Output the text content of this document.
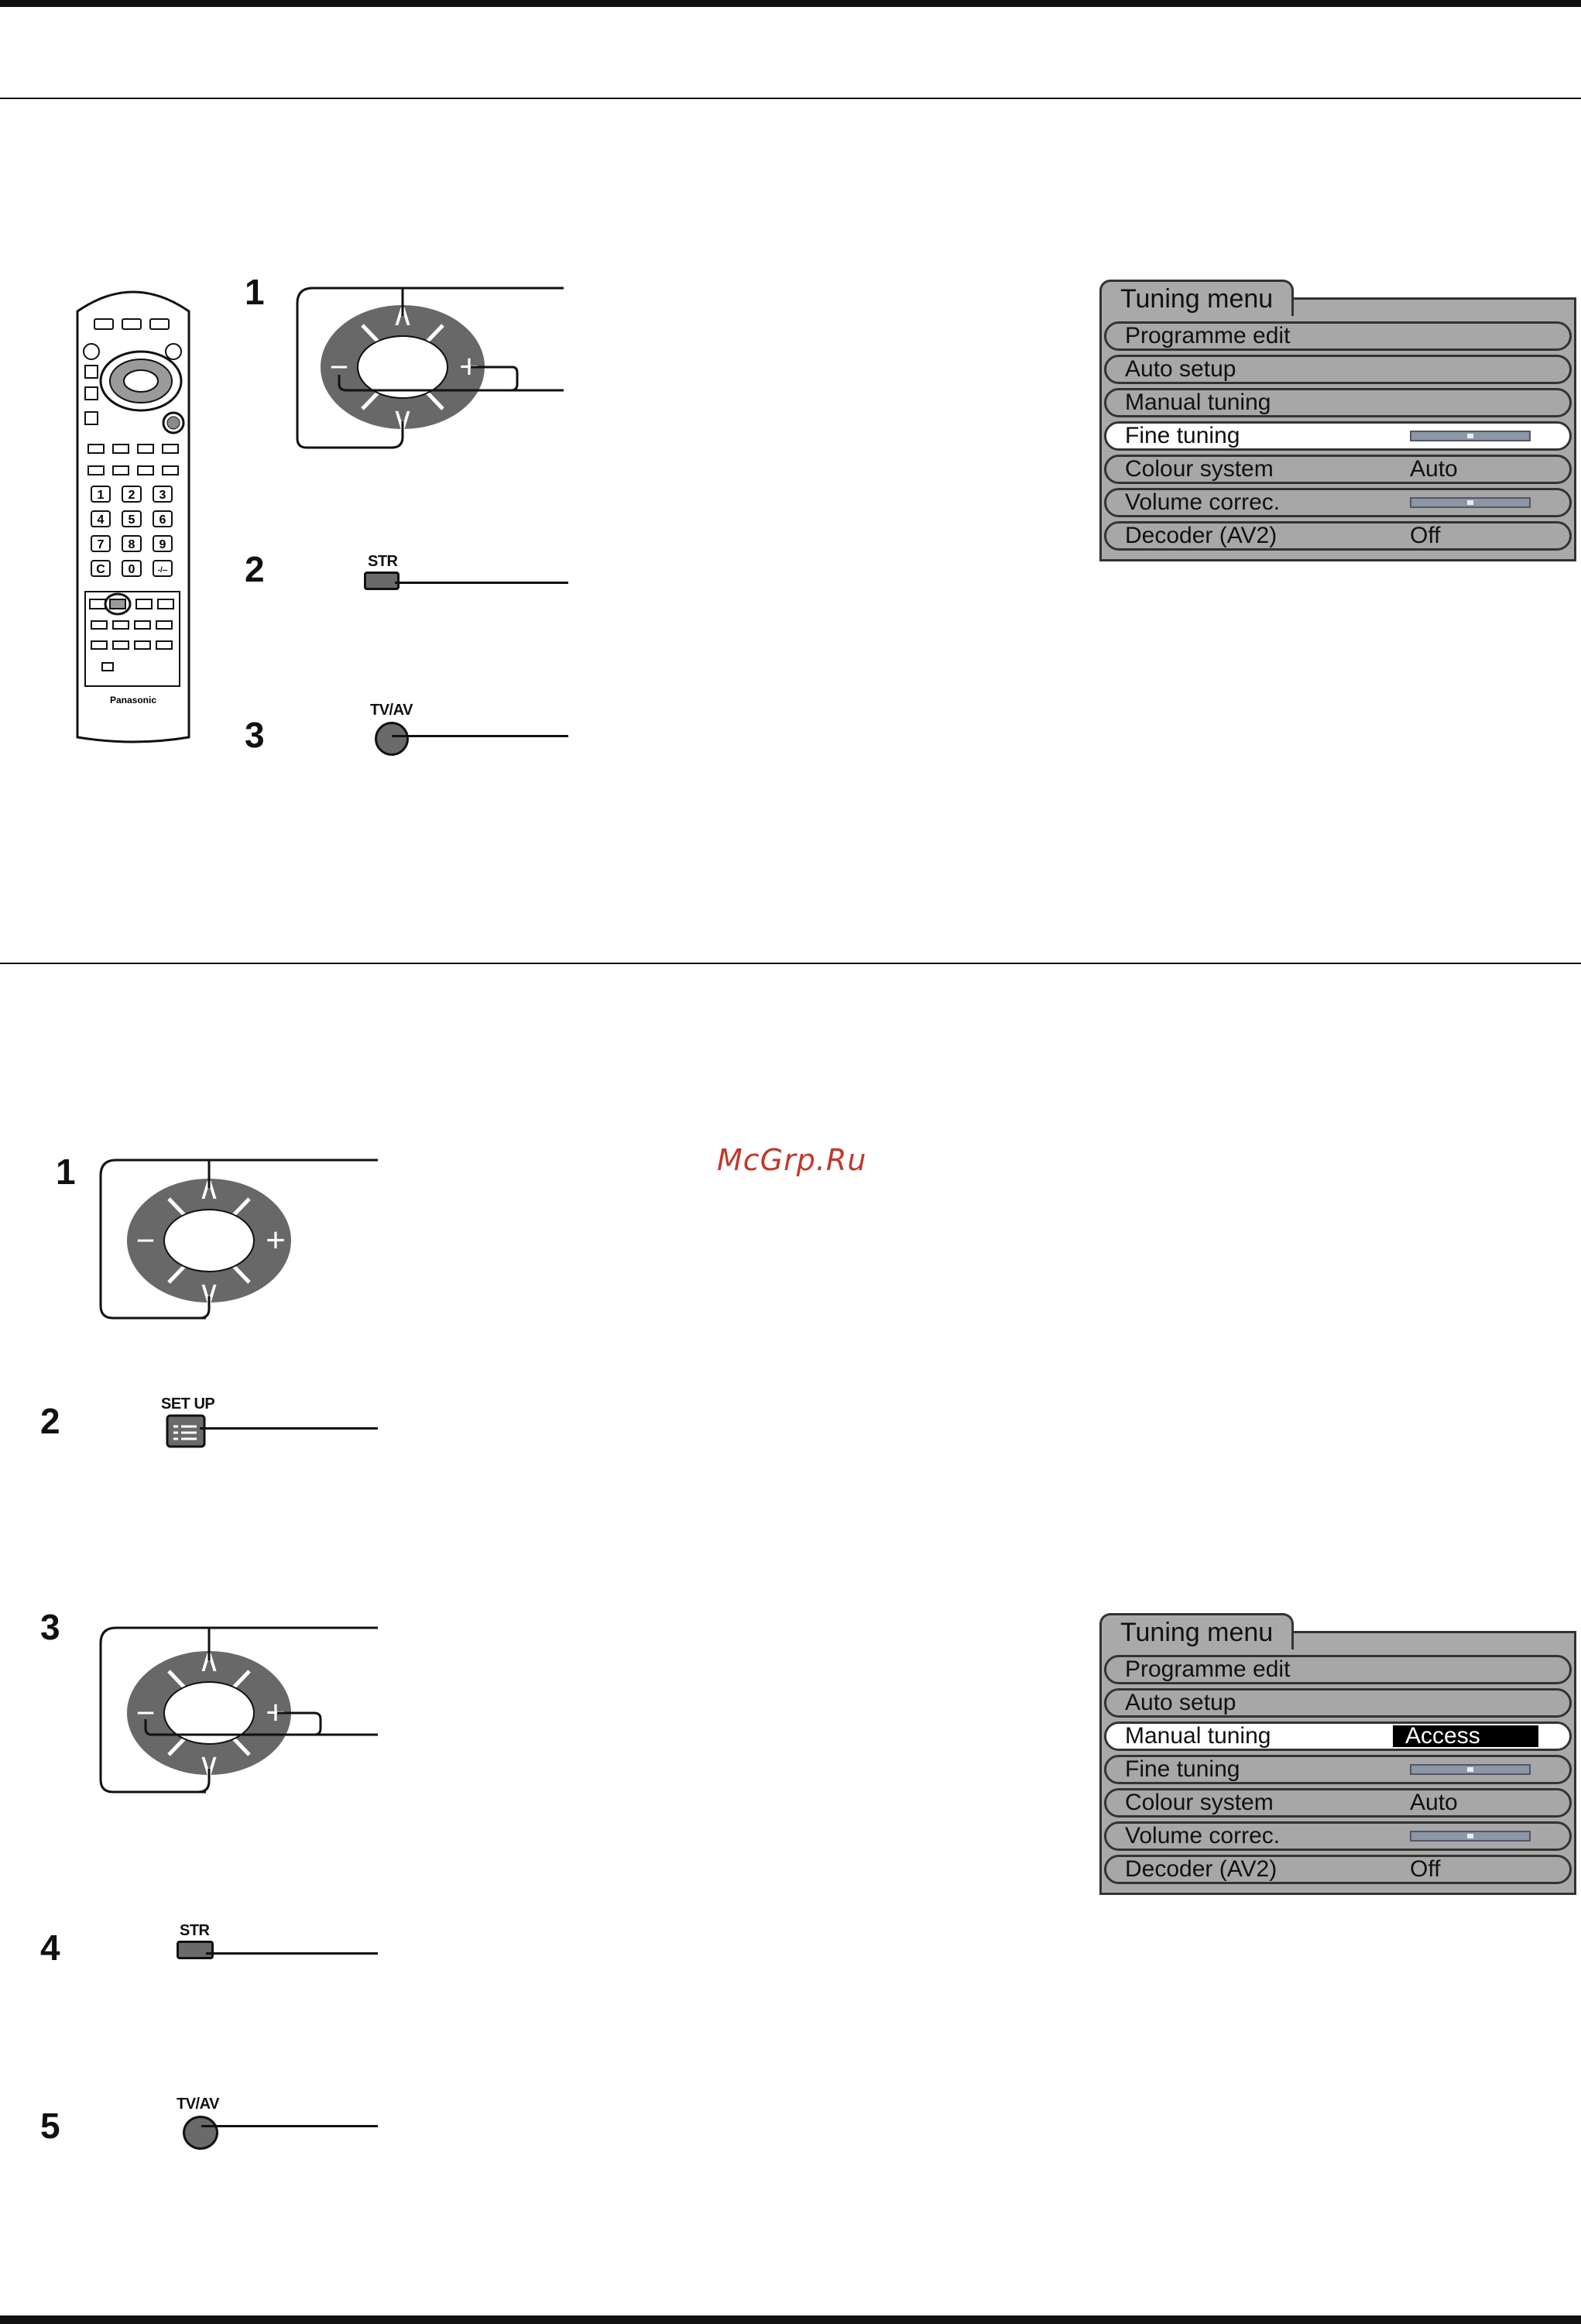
1 2 3
4 5 6
7 8 9
C 0	-/--
Panasonic
1
2
3
∧
∨
−	+
STR
TV/AV
Tuning menu
Programme edit
Auto setup
Manual tuning
Fine tuning
Colour system	Auto
Volume correc.
Decoder (AV2)	Off
McGrp.Ru
1
2
3
4
5
∧
∨
−	+
SET UP
∧
∨
−	+
STR
TV/AV
Tuning menu
Programme edit
Auto setup
Manual tuning	Access
Fine tuning
Colour system	Auto
Volume correc.
Decoder (AV2)	Off
